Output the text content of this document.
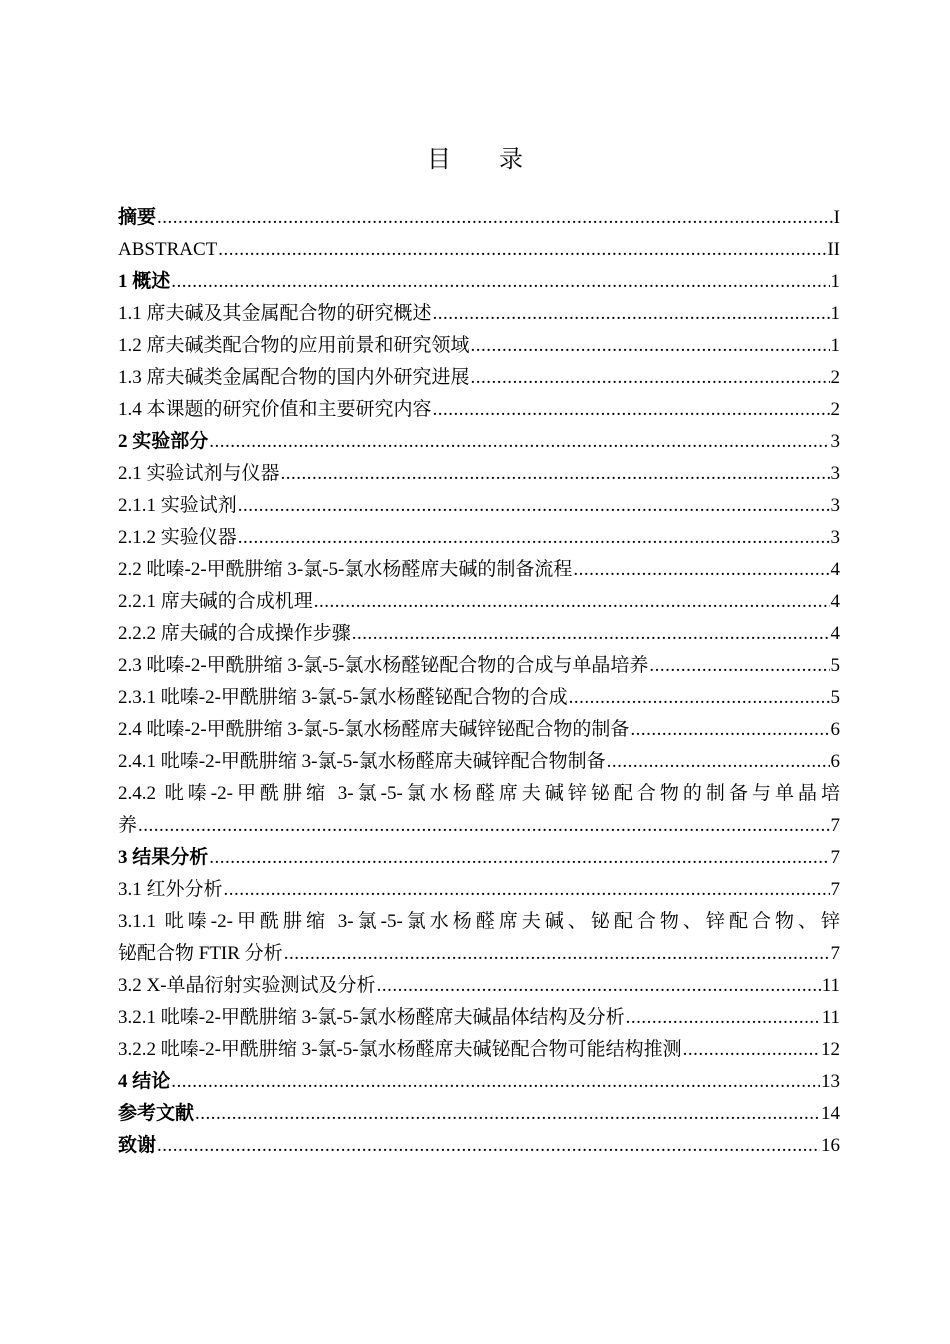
目　　录
摘要 .....	I
ABSTRACT .....	II
1 概述 .....	1
1.1 席夫碱及其金属配合物的研究概述 .....	1
1.2 席夫碱类配合物的应用前景和研究领域 .....	1
1.3 席夫碱类金属配合物的国内外研究进展 .....	2
1.4 本课题的研究价值和主要研究内容 .....	2
2 实验部分 .....	3
2.1 实验试剂与仪器 .....	3
2.1.1 实验试剂 .....	3
2.1.2 实验仪器 .....	3
2.2 吡嗪-2-甲酰肼缩 3-氯-5-氯水杨醛席夫碱的制备流程 .....	4
2.2.1 席夫碱的合成机理 .....	4
2.2.2 席夫碱的合成操作步骤 .....	4
2.3 吡嗪-2-甲酰肼缩 3-氯-5-氯水杨醛铋配合物的合成与单晶培养 .....	5
2.3.1 吡嗪-2-甲酰肼缩 3-氯-5-氯水杨醛铋配合物的合成 .....	5
2.4 吡嗪-2-甲酰肼缩 3-氯-5-氯水杨醛席夫碱锌铋配合物的制备 .....	6
2.4.1 吡嗪-2-甲酰肼缩 3-氯-5-氯水杨醛席夫碱锌配合物制备 .....	6
2.4.2 吡嗪-2-甲酰肼缩 3-氯-5-氯水杨醛席夫碱锌铋配合物的制备与单晶培
养 .....	7
3 结果分析 .....	7
3.1 红外分析 .....	7
3.1.1 吡嗪-2-甲酰肼缩 3-氯-5-氯水杨醛席夫碱、铋配合物、锌配合物、锌
铋配合物 FTIR 分析 .....	7
3.2 X-单晶衍射实验测试及分析 .....	11
3.2.1 吡嗪-2-甲酰肼缩 3-氯-5-氯水杨醛席夫碱晶体结构及分析 .....	11
3.2.2 吡嗪-2-甲酰肼缩 3-氯-5-氯水杨醛席夫碱铋配合物可能结构推测 .....	12
4 结论 .....	13
参考文献 .....	14
致谢 .....	16
